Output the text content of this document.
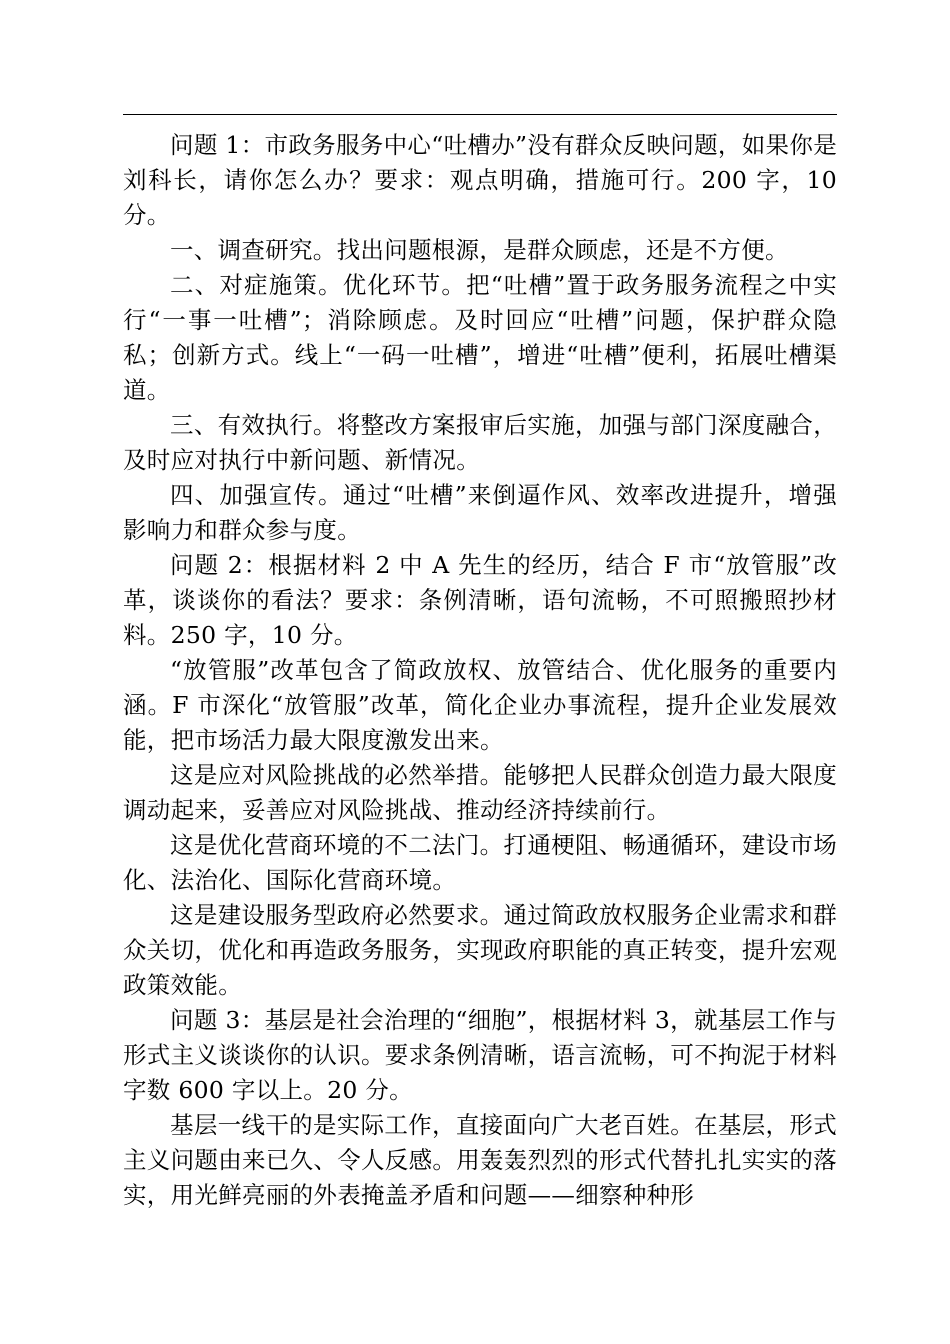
问题 1：市政务服务中心“吐槽办”没有群众反映问题，如果你是刘科长，请你怎么办？要求：观点明确，措施可行。200 字，10 分。

一、调查研究。找出问题根源，是群众顾虑，还是不方便。

二、对症施策。优化环节。把“吐槽”置于政务服务流程之中实行“一事一吐槽”；消除顾虑。及时回应“吐槽”问题，保护群众隐私；创新方式。线上“一码一吐槽”，增进“吐槽”便利，拓展吐槽渠道。

三、有效执行。将整改方案报审后实施，加强与部门深度融合，及时应对执行中新问题、新情况。

四、加强宣传。通过“吐槽”来倒逼作风、效率改进提升，增强影响力和群众参与度。

问题 2：根据材料 2 中 A 先生的经历，结合 F 市“放管服”改革，谈谈你的看法？要求：条例清晰，语句流畅，不可照搬照抄材料。250 字，10 分。

“放管服”改革包含了简政放权、放管结合、优化服务的重要内涵。F 市深化“放管服”改革，简化企业办事流程，提升企业发展效能，把市场活力最大限度激发出来。

这是应对风险挑战的必然举措。能够把人民群众创造力最大限度调动起来，妥善应对风险挑战、推动经济持续前行。

这是优化营商环境的不二法门。打通梗阻、畅通循环，建设市场化、法治化、国际化营商环境。

这是建设服务型政府必然要求。通过简政放权服务企业需求和群众关切，优化和再造政务服务，实现政府职能的真正转变，提升宏观政策效能。

问题 3：基层是社会治理的“细胞”，根据材料 3，就基层工作与形式主义谈谈你的认识。要求条例清晰，语言流畅，可不拘泥于材料字数 600 字以上。20 分。

基层一线干的是实际工作，直接面向广大老百姓。在基层，形式主义问题由来已久、令人反感。用轰轰烈烈的形式代替扎扎实实的落实，用光鲜亮丽的外表掩盖矛盾和问题——细察种种形
